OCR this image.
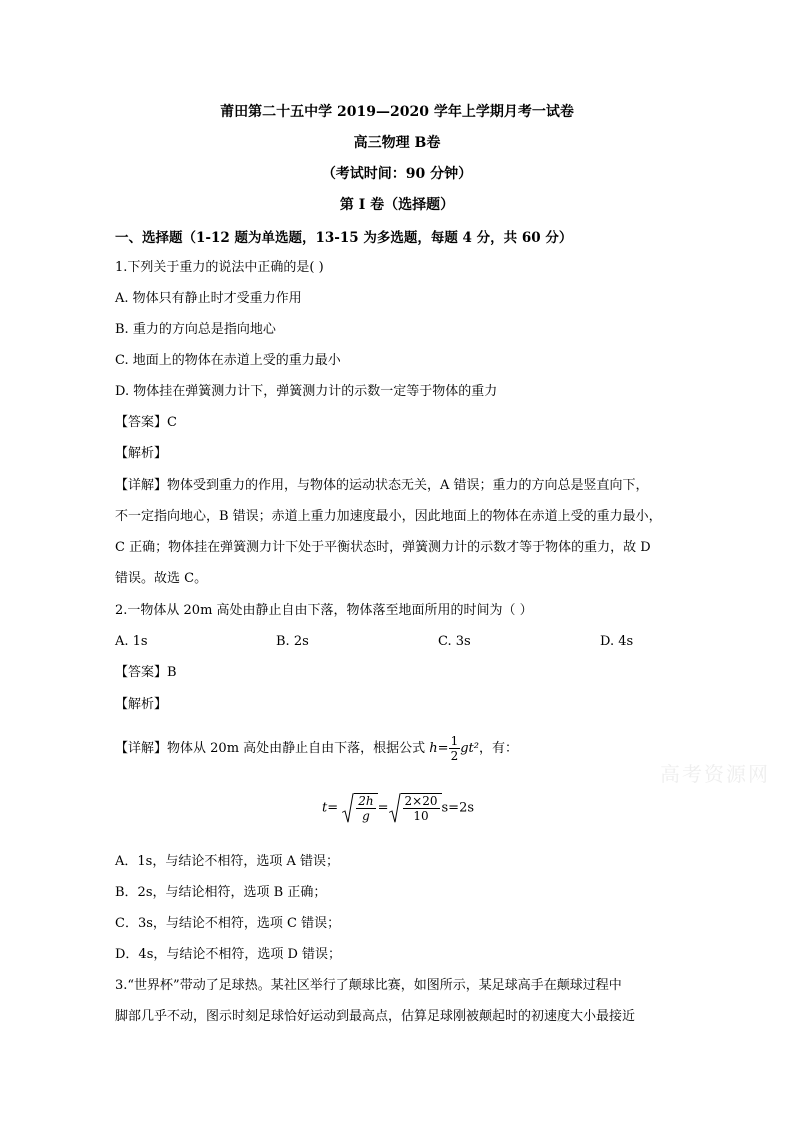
莆田第二十五中学 2019—2020 学年上学期月考一试卷
高三物理 B卷
（考试时间：90 分钟）
第 I 卷（选择题）
一、选择题（1-12 题为单选题，13-15 为多选题，每题 4 分，共 60 分）
1.下列关于重力的说法中正确的是( )
A. 物体只有静止时才受重力作用
B. 重力的方向总是指向地心
C. 地面上的物体在赤道上受的重力最小
D. 物体挂在弹簧测力计下，弹簧测力计的示数一定等于物体的重力
【答案】C
【解析】
【详解】物体受到重力的作用，与物体的运动状态无关，A 错误；重力的方向总是竖直向下，
不一定指向地心，B 错误；赤道上重力加速度最小，因此地面上的物体在赤道上受的重力最小，
C 正确；物体挂在弹簧测力计下处于平衡状态时，弹簧测力计的示数才等于物体的重力，故 D
错误。故选 C。
2.一物体从 20m 高处由静止自由下落，物体落至地面所用的时间为（ ）
A. 1s	B. 2s	C. 3s	D. 4s
【答案】B
【解析】
【详解】物体从 20m 高处由静止自由下落，根据公式 $h= \frac{1}{2} gt^2$，有：
$t= \frac{2h}{g} = \frac{2\times 20}{10} s=2s$
A．1s，与结论不相符，选项 A 错误；
B．2s，与结论相符，选项 B 正确；
C．3s，与结论不相符，选项 C 错误；
D．4s，与结论不相符，选项 D 错误；
3.“世界杯”带动了足球热。某社区举行了颠球比赛，如图所示，某足球高手在颠球过程中
脚部几乎不动，图示时刻足球恰好运动到最高点，估算足球刚被颠起时的初速度大小最接近
高考资源网
